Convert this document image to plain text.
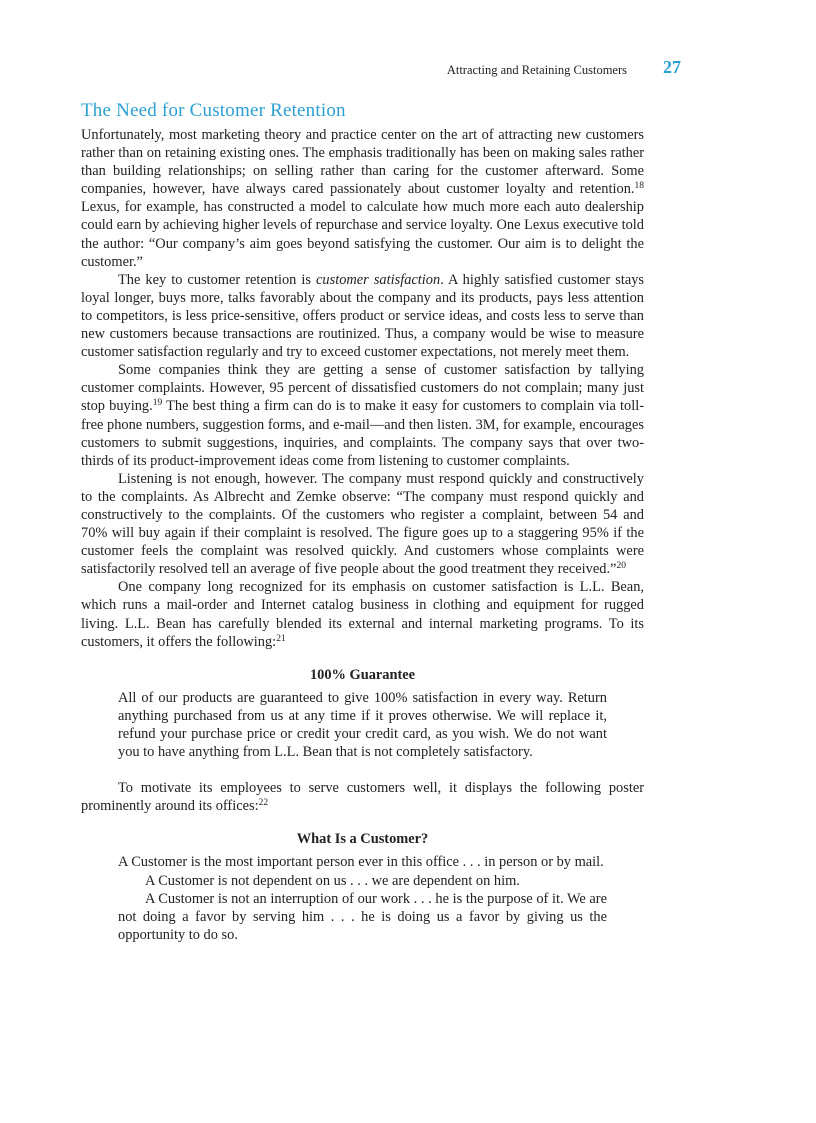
Attracting and Retaining Customers 27
The Need for Customer Retention

Unfortunately, most marketing theory and practice center on the art of attracting new customers rather than on retaining existing ones. The emphasis traditionally has been on making sales rather than building relationships; on selling rather than caring for the customer afterward. Some companies, however, have always cared passionately about customer loyalty and retention.$^{18}$ Lexus, for example, has constructed a model to calculate how much more each auto dealership could earn by achieving higher levels of repurchase and service loyalty. One Lexus executive told the author: “Our company’s aim goes beyond satisfying the customer. Our aim is to delight the customer.”

The key to customer retention is customer satisfaction. A highly satisfied customer stays loyal longer, buys more, talks favorably about the company and its products, pays less attention to competitors, is less price-sensitive, offers product or service ideas, and costs less to serve than new customers because transactions are routinized. Thus, a company would be wise to measure customer satisfaction regularly and try to exceed customer expectations, not merely meet them.

Some companies think they are getting a sense of customer satisfaction by tallying customer complaints. However, 95 percent of dissatisfied customers do not complain; many just stop buying.$^{19}$ The best thing a firm can do is to make it easy for customers to complain via toll-free phone numbers, suggestion forms, and e-mail—and then listen. 3M, for example, encourages customers to submit suggestions, inquiries, and complaints. The company says that over two-thirds of its product-improvement ideas come from listening to customer complaints.

Listening is not enough, however. The company must respond quickly and constructively to the complaints. As Albrecht and Zemke observe: “The company must respond quickly and constructively to the complaints. Of the customers who register a complaint, between 54 and 70% will buy again if their complaint is resolved. The figure goes up to a staggering 95% if the customer feels the complaint was resolved quickly. And customers whose complaints were satisfactorily resolved tell an average of five people about the good treatment they received.”$^{20}$

One company long recognized for its emphasis on customer satisfaction is L.L. Bean, which runs a mail-order and Internet catalog business in clothing and equipment for rugged living. L.L. Bean has carefully blended its external and internal marketing programs. To its customers, it offers the following:$^{21}$

100% Guarantee

All of our products are guaranteed to give 100% satisfaction in every way. Return anything purchased from us at any time if it proves otherwise. We will replace it, refund your purchase price or credit your credit card, as you wish. We do not want you to have anything from L.L. Bean that is not completely satisfactory.

To motivate its employees to serve customers well, it displays the following poster prominently around its offices:$^{22}$

What Is a Customer?

A Customer is the most important person ever in this office . . . in person or by mail.

A Customer is not dependent on us . . . we are dependent on him.

A Customer is not an interruption of our work . . . he is the purpose of it. We are not doing a favor by serving him . . . he is doing us a favor by giving us the opportunity to do so.
